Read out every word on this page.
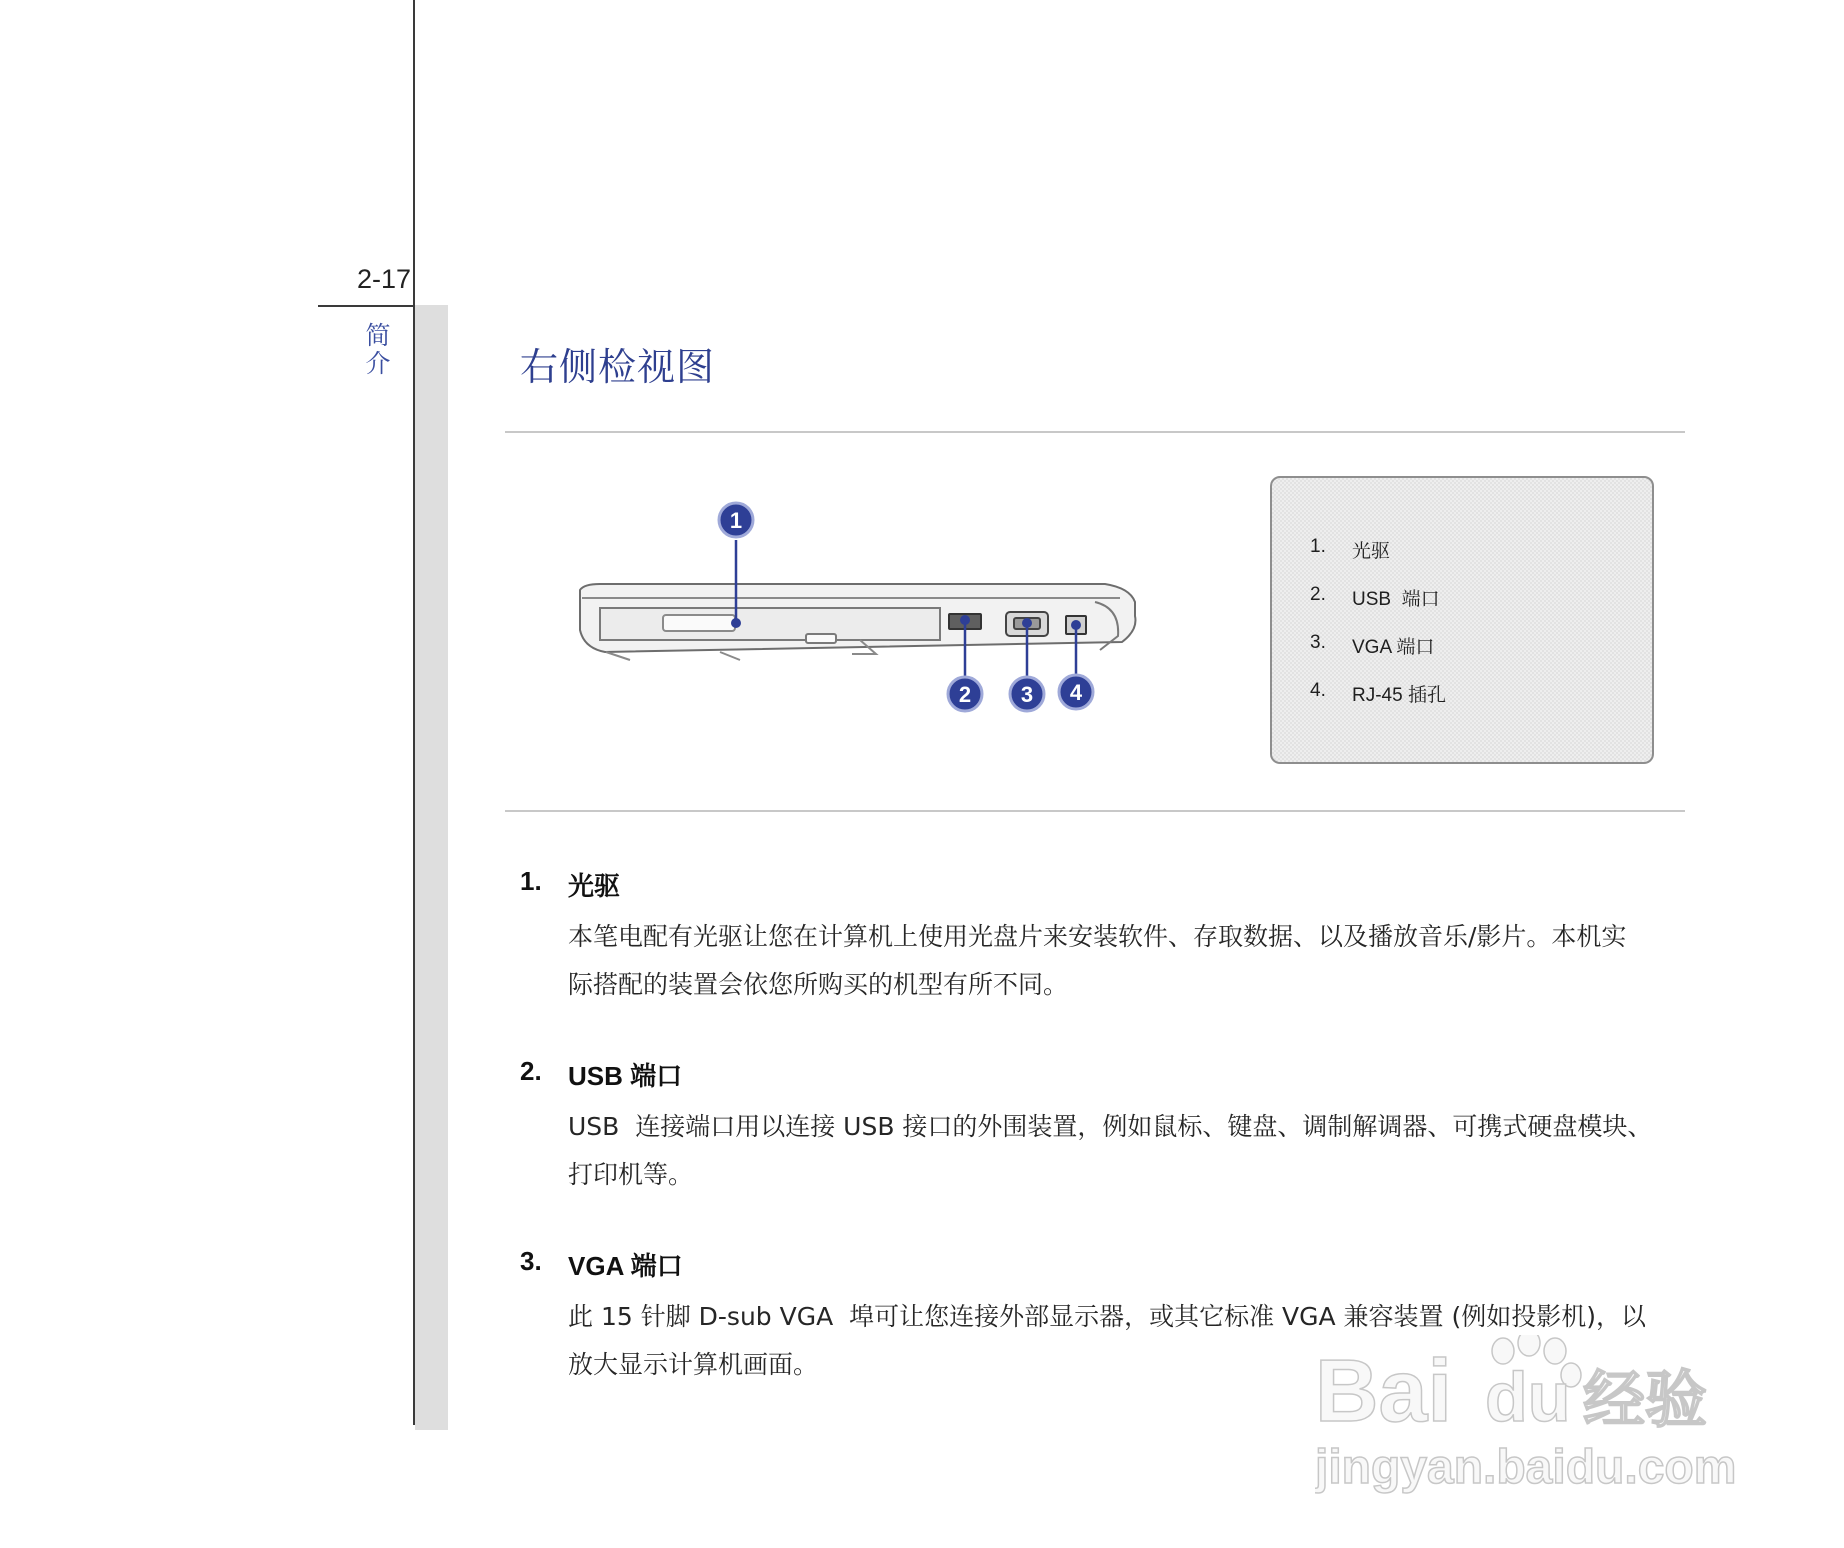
2-17
简
介	右侧检视图
1
2 3 4
1.	光驱
2.	USB  端口
3.	VGA 端口
4.	RJ-45 插孔
1.	光驱
本笔电配有光驱让您在计算机上使用光盘片来安装软件、存取数据、以及播放音乐/影片。本机实
际搭配的装置会依您所购买的机型有所不同。
2.	USB 端口
USB  连接端口用以连接 USB 接口的外围装置，例如鼠标、键盘、调制解调器、可携式硬盘模块、
打印机等。
3.	VGA 端口
此 15 针脚 D-sub VGA  埠可让您连接外部显示器，或其它标准 VGA 兼容装置 (例如投影机)，以
放大显示计算机画面。	Bai du 经验
jingyan.baidu.com
